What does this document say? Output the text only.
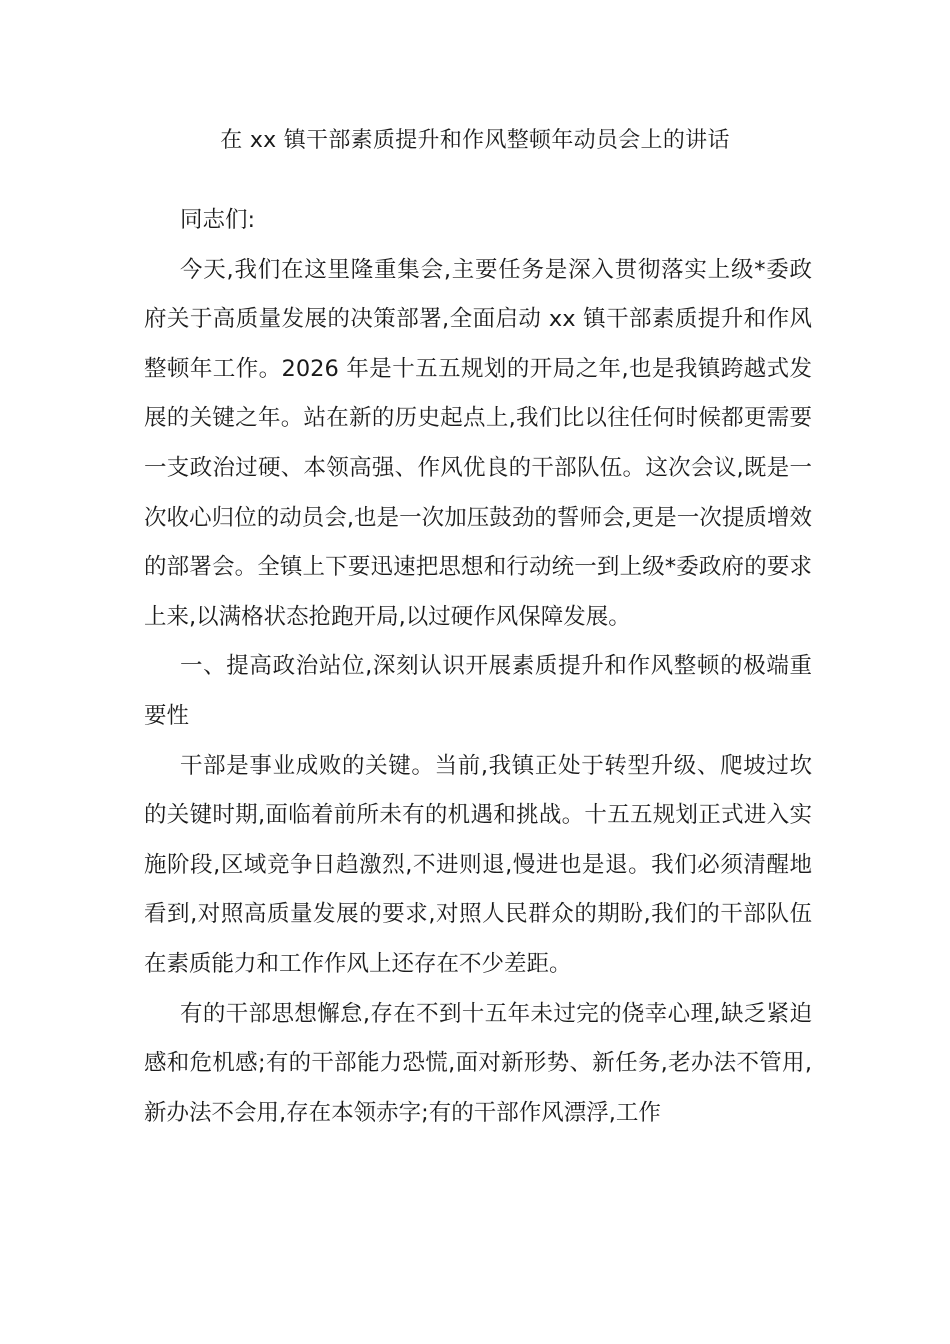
在 xx 镇干部素质提升和作风整顿年动员会上的讲话

同志们:

今天,我们在这里隆重集会,主要任务是深入贯彻落实上级*委政府关于高质量发展的决策部署,全面启动 xx 镇干部素质提升和作风整顿年工作。2026 年是十五五规划的开局之年,也是我镇跨越式发展的关键之年。站在新的历史起点上,我们比以往任何时候都更需要一支政治过硬、本领高强、作风优良的干部队伍。这次会议,既是一次收心归位的动员会,也是一次加压鼓劲的誓师会,更是一次提质增效的部署会。全镇上下要迅速把思想和行动统一到上级*委政府的要求上来,以满格状态抢跑开局,以过硬作风保障发展。

一、提高政治站位,深刻认识开展素质提升和作风整顿的极端重要性

干部是事业成败的关键。当前,我镇正处于转型升级、爬坡过坎的关键时期,面临着前所未有的机遇和挑战。十五五规划正式进入实施阶段,区域竞争日趋激烈,不进则退,慢进也是退。我们必须清醒地看到,对照高质量发展的要求,对照人民群众的期盼,我们的干部队伍在素质能力和工作作风上还存在不少差距。

有的干部思想懈怠,存在不到十五年未过完的侥幸心理,缺乏紧迫感和危机感;有的干部能力恐慌,面对新形势、新任务,老办法不管用,新办法不会用,存在本领赤字;有的干部作风漂浮,工作
